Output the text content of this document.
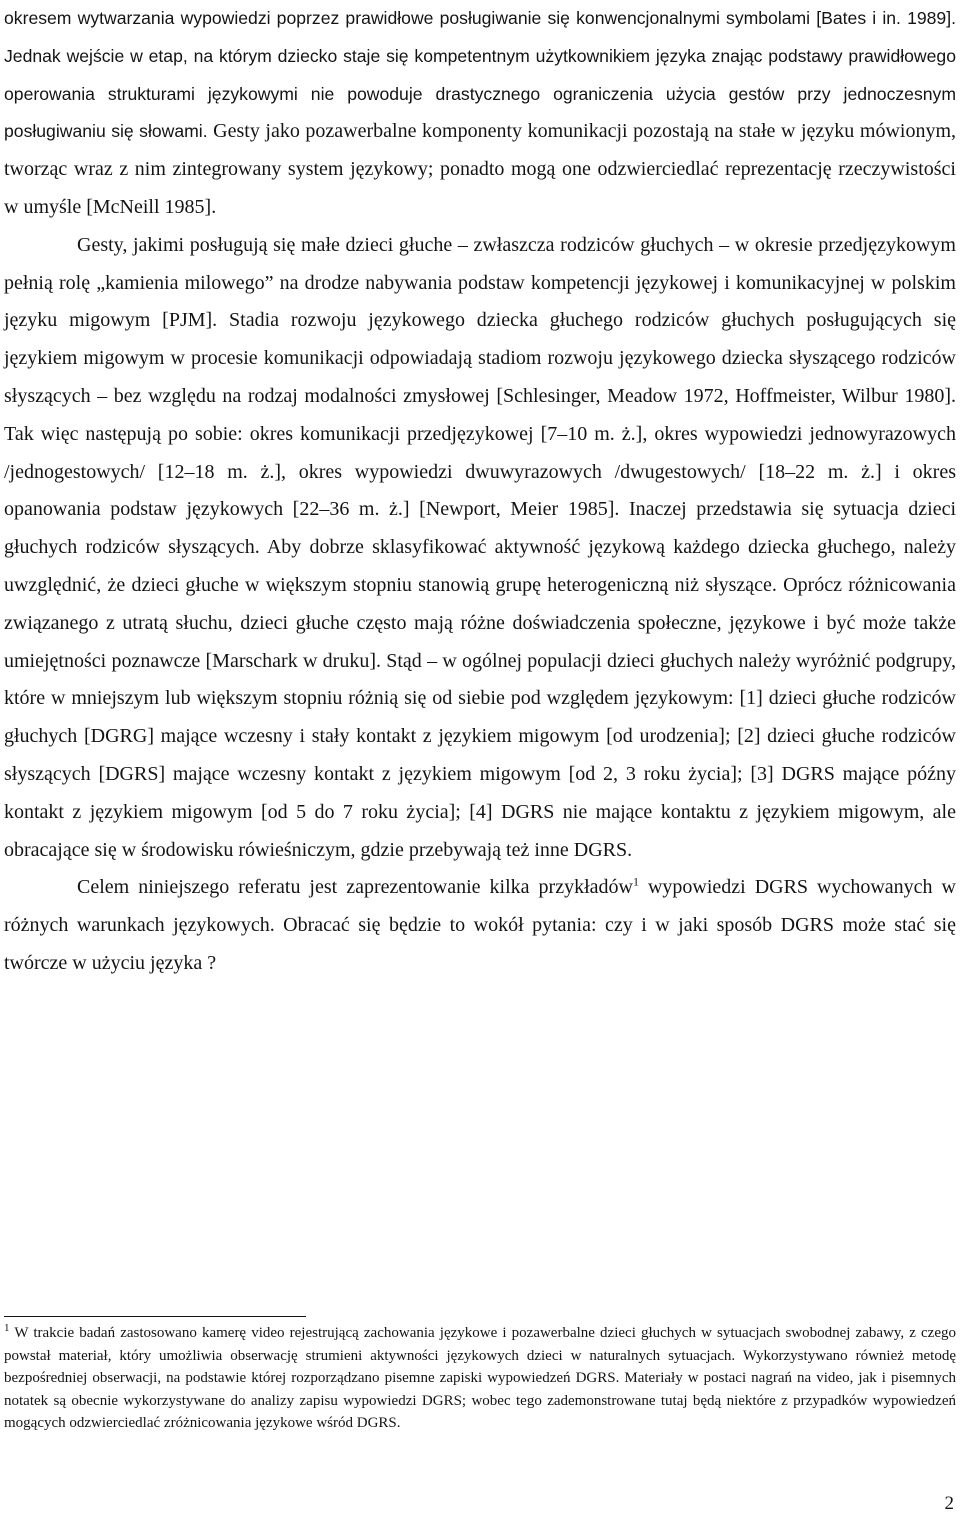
okresem wytwarzania wypowiedzi poprzez prawidłowe posługiwanie się konwencjonalnymi symbolami [Bates i in. 1989]. Jednak wejście w etap, na którym dziecko staje się kompetentnym użytkownikiem języka znając podstawy prawidłowego operowania strukturami językowymi nie powoduje drastycznego ograniczenia użycia gestów przy jednoczesnym posługiwaniu się słowami. Gesty jako pozawerbalne komponenty komunikacji pozostają na stałe w języku mówionym, tworząc wraz z nim zintegrowany system językowy; ponadto mogą one odzwierciedlać reprezentację rzeczywistości w umyśle [McNeill 1985].

Gesty, jakimi posługują się małe dzieci głuche – zwłaszcza rodziców głuchych – w okresie przedjęzykowym pełnią rolę „kamienia milowego” na drodze nabywania podstaw kompetencji językowej i komunikacyjnej w polskim języku migowym [PJM]. Stadia rozwoju językowego dziecka głuchego rodziców głuchych posługujących się językiem migowym w procesie komunikacji odpowiadają stadiom rozwoju językowego dziecka słyszącego rodziców słyszących – bez względu na rodzaj modalności zmysłowej [Schlesinger, Meadow 1972, Hoffmeister, Wilbur 1980]. Tak więc następują po sobie: okres komunikacji przedjęzykowej [7–10 m. ż.], okres wypowiedzi jednowyrazowych /jednogestowych/ [12–18 m. ż.], okres wypowiedzi dwuwyrazowych /dwugestowych/ [18–22 m. ż.] i okres opanowania podstaw językowych [22–36 m. ż.] [Newport, Meier 1985]. Inaczej przedstawia się sytuacja dzieci głuchych rodziców słyszących. Aby dobrze sklasyfikować aktywność językową każdego dziecka głuchego, należy uwzględnić, że dzieci głuche w większym stopniu stanowią grupę heterogeniczną niż słyszące. Oprócz różnicowania związanego z utratą słuchu, dzieci głuche często mają różne doświadczenia społeczne, językowe i być może także umiejętności poznawcze [Marschark w druku]. Stąd – w ogólnej populacji dzieci głuchych należy wyróżnić podgrupy, które w mniejszym lub większym stopniu różnią się od siebie pod względem językowym: [1] dzieci głuche rodziców głuchych [DGRG] mające wczesny i stały kontakt z językiem migowym [od urodzenia]; [2] dzieci głuche rodziców słyszących [DGRS] mające wczesny kontakt z językiem migowym [od 2, 3 roku życia]; [3] DGRS mające późny kontakt z językiem migowym [od 5 do 7 roku życia]; [4] DGRS nie mające kontaktu z językiem migowym, ale obracające się w środowisku rówieśniczym, gdzie przebywają też inne DGRS.

Celem niniejszego referatu jest zaprezentowanie kilka przykładów$^1$ wypowiedzi DGRS wychowanych w różnych warunkach językowych. Obracać się będzie to wokół pytania: czy i w jaki sposób DGRS może stać się twórcze w użyciu języka ?

$^1$ W trakcie badań zastosowano kamerę video rejestrującą zachowania językowe i pozawerbalne dzieci głuchych w sytuacjach swobodnej zabawy, z czego powstał materiał, który umożliwia obserwację strumieni aktywności językowych dzieci w naturalnych sytuacjach. Wykorzystywano również metodę bezpośredniej obserwacji, na podstawie której rozporządzano pisemne zapiski wypowiedzeń DGRS. Materiały w postaci nagrań na video, jak i pisemnych notatek są obecnie wykorzystywane do analizy zapisu wypowiedzi DGRS; wobec tego zademonstrowane tutaj będą niektóre z przypadków wypowiedzeń mogących odzwierciedlać zróżnicowania językowe wśród DGRS.

2
